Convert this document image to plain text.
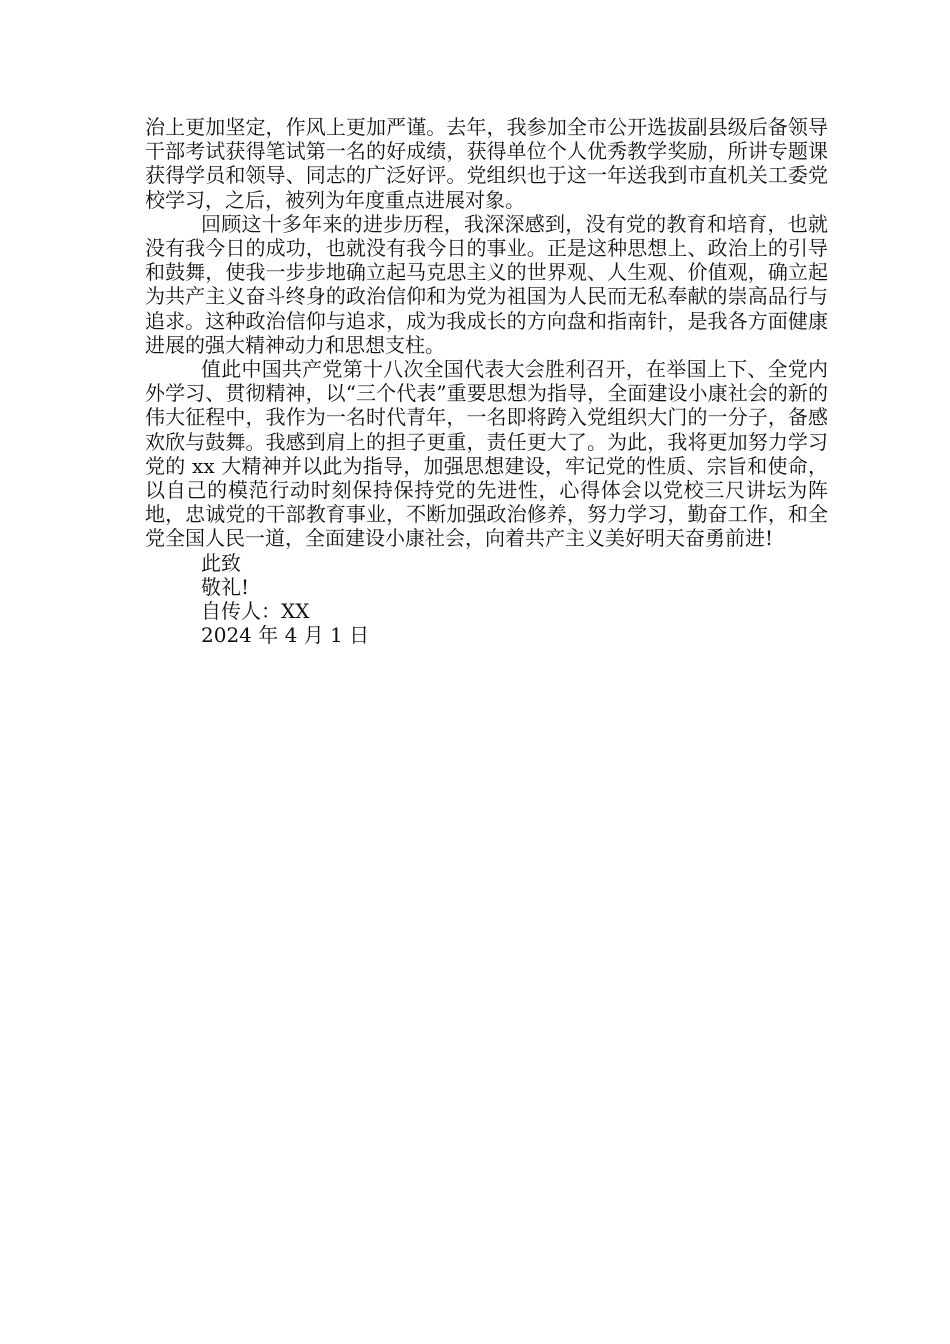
治上更加坚定，作风上更加严谨。去年，我参加全市公开选拔副县级后备领导干部考试获得笔试第一名的好成绩，获得单位个人优秀教学奖励，所讲专题课获得学员和领导、同志的广泛好评。党组织也于这一年送我到市直机关工委党校学习，之后，被列为年度重点进展对象。

回顾这十多年来的进步历程，我深深感到，没有党的教育和培育，也就没有我今日的成功，也就没有我今日的事业。正是这种思想上、政治上的引导和鼓舞，使我一步步地确立起马克思主义的世界观、人生观、价值观，确立起为共产主义奋斗终身的政治信仰和为党为祖国为人民而无私奉献的崇高品行与追求。这种政治信仰与追求，成为我成长的方向盘和指南针，是我各方面健康进展的强大精神动力和思想支柱。

值此中国共产党第十八次全国代表大会胜利召开，在举国上下、全党内外学习、贯彻精神，以“三个代表”重要思想为指导，全面建设小康社会的新的伟大征程中，我作为一名时代青年，一名即将跨入党组织大门的一分子，备感欢欣与鼓舞。我感到肩上的担子更重，责任更大了。为此，我将更加努力学习党的 xx 大精神并以此为指导，加强思想建设，牢记党的性质、宗旨和使命，以自己的模范行动时刻保持保持党的先进性，心得体会以党校三尺讲坛为阵地，忠诚党的干部教育事业，不断加强政治修养，努力学习，勤奋工作，和全党全国人民一道，全面建设小康社会，向着共产主义美好明天奋勇前进!

此致

敬礼!

自传人：XX

2024 年 4 月 1 日
